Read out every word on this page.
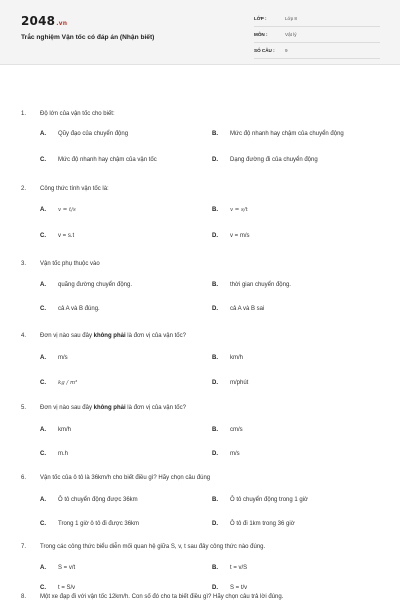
2048.vn
Trắc nghiệm Vận tốc có đáp án (Nhận biết)
LỚP :	Lớp 8
MÔN :	Vật lý
SỐ CÂU : 9
1. Độ lớn của vận tốc cho biết:
A. Qũy đạo của chuyển động	B. Mức độ nhanh hay chậm của chuyển động
C. Mức độ nhanh hay chậm của vận tốc	D. Dạng đường đi của chuyển động
2. Công thức tính vận tốc là:
A. v = t/s	B. v = s/t
C. v = s.t	D. v = m/s
3. Vận tốc phụ thuộc vào
A. quãng đường chuyển động.	B. thời gian chuyển động.
C. cả A và B đúng.	D. cả A và B sai
4. Đơn vị nào sau đây không phải là đơn vị của vận tốc?
A. m/s	B. km/h
C. kg / m³	D. m/phút
5. Đơn vị nào sau đây không phải là đơn vị của vận tốc?
A. km/h	B. cm/s
C. m.h	D. m/s
6. Vận tốc của ô tô là 36km/h cho biết điều gì? Hãy chọn câu đúng
A. Ô tô chuyển động được 36km	B. Ô tô chuyển động trong 1 giờ
C. Trong 1 giờ ô tô đi được 36km	D. Ô tô đi 1km trong 36 giờ
7. Trong các công thức biểu diễn mối quan hệ giữa S, v, t sau đây công thức nào đúng.
A. S = v/t	B. t = v/S
C. t = S/v	D. S = t/v
8. Một xe đạp đi với vận tốc 12km/h. Con số đó cho ta biết điều gì? Hãy chọn câu trả lời đúng.
